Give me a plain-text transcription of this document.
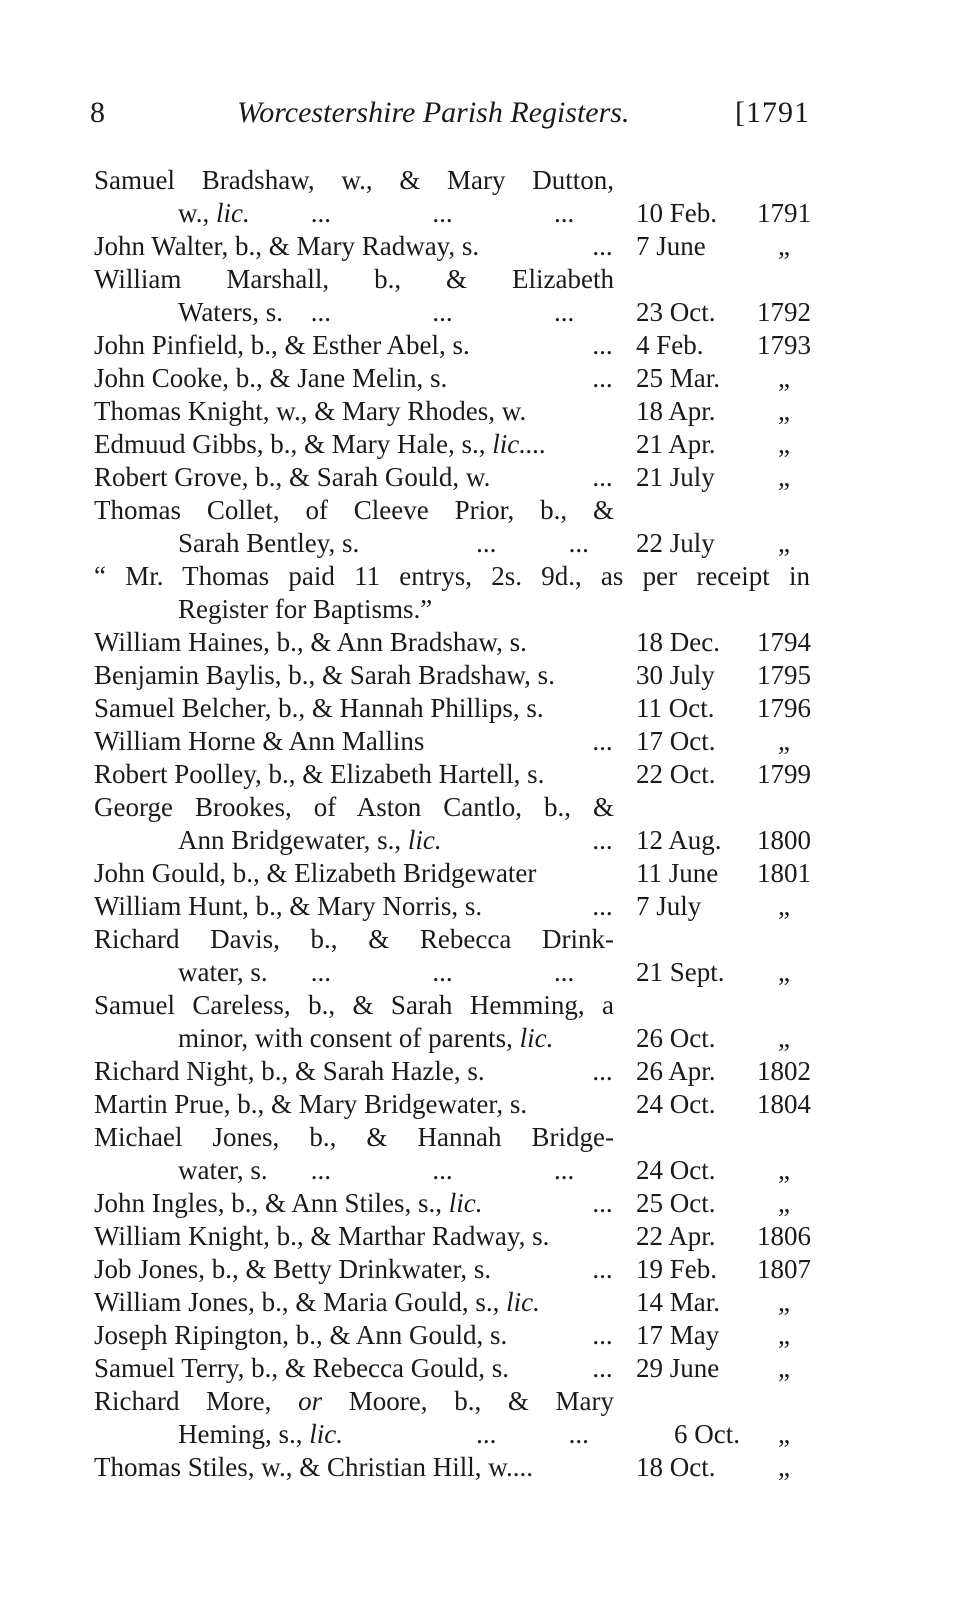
8	Worcestershire Parish Registers.	[1791
Samuel Bradshaw, w., & Mary Dutton,
w., lic. ...	...	... 10 Feb.	1791
John Walter, b., & Mary Radway, s.	... 7 June	„
William Marshall, b., & Elizabeth
Waters, s. ...	...	... 23 Oct.	1792
John Pinfield, b., & Esther Abel, s.	... 4 Feb.	1793
John Cooke, b., & Jane Melin, s.	... 25 Mar.	„
Thomas Knight, w., & Mary Rhodes, w.	18 Apr.	„
Edmuud Gibbs, b., & Mary Hale, s., lic....	21 Apr.	„
Robert Grove, b., & Sarah Gould, w.	... 21 July	„
Thomas Collet, of Cleeve Prior, b., &
Sarah Bentley, s.	...	... 22 July	„
“ Mr. Thomas paid 11 entrys, 2s. 9d., as per receipt in
Register for Baptisms.”
William Haines, b., & Ann Bradshaw, s.	18 Dec.	1794
Benjamin Baylis, b., & Sarah Bradshaw, s.	30 July	1795
Samuel Belcher, b., & Hannah Phillips, s.	11 Oct.	1796
William Horne & Ann Mallins	... 17 Oct.	„
Robert Poolley, b., & Elizabeth Hartell, s.	22 Oct.	1799
George Brookes, of Aston Cantlo, b., &
Ann Bridgewater, s., lic.	... 12 Aug.	1800
John Gould, b., & Elizabeth Bridgewater	11 June	1801
William Hunt, b., & Mary Norris, s.	... 7 July	„
Richard Davis, b., & Rebecca Drink-
water, s. ...	...	... 21 Sept.	„
Samuel Careless, b., & Sarah Hemming, a
minor, with consent of parents, lic.	26 Oct.	„
Richard Night, b., & Sarah Hazle, s.	... 26 Apr.	1802
Martin Prue, b., & Mary Bridgewater, s.	24 Oct.	1804
Michael Jones, b., & Hannah Bridge-
water, s. ...	...	... 24 Oct.	„
John Ingles, b., & Ann Stiles, s., lic.	... 25 Oct.	„
William Knight, b., & Marthar Radway, s.	22 Apr.	1806
Job Jones, b., & Betty Drinkwater, s.	... 19 Feb.	1807
William Jones, b., & Maria Gould, s., lic.	14 Mar.	„
Joseph Ripington, b., & Ann Gould, s.	... 17 May	„
Samuel Terry, b., & Rebecca Gould, s.	... 29 June	„
Richard More, or Moore, b., & Mary
Heming, s., lic.	...	...	6 Oct.	„
Thomas Stiles, w., & Christian Hill, w....	18 Oct.	„
